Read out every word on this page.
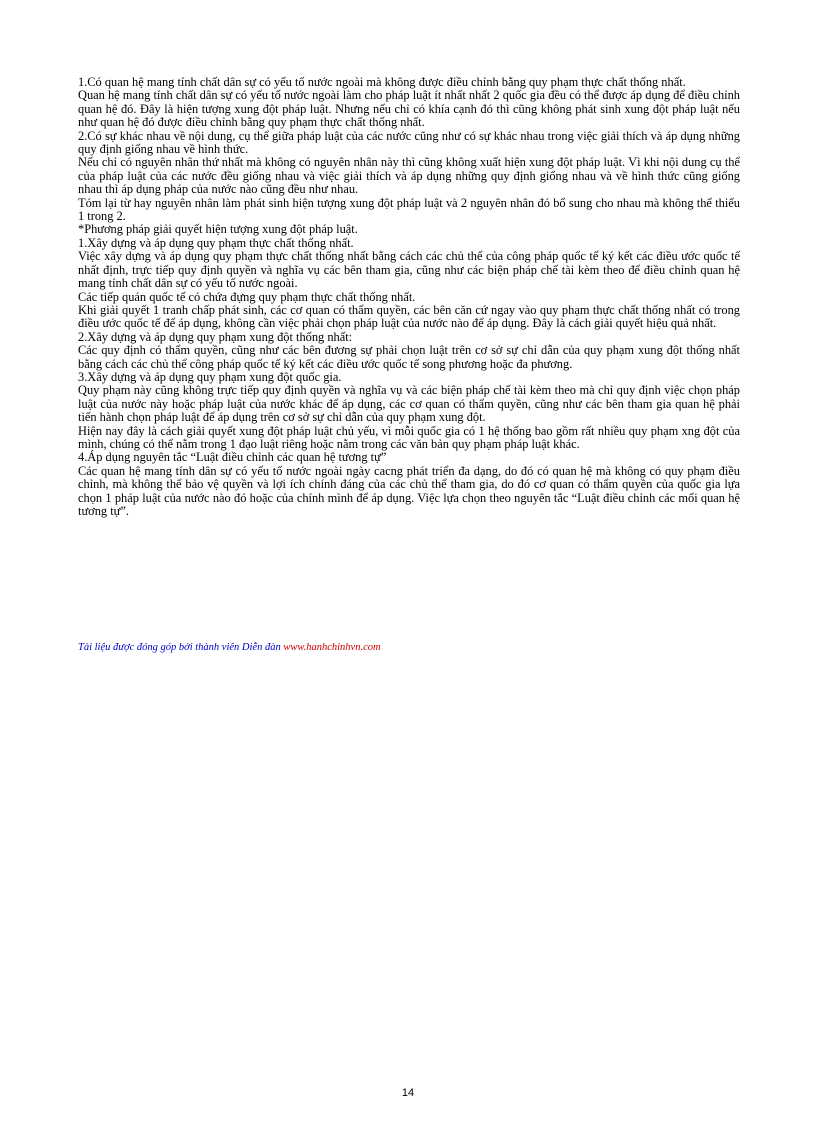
1.Có quan hệ mang tính chất dân sự có yếu tố nước ngoài mà không được điều chỉnh bằng quy phạm thực chất thống nhất.

Quan hệ mang tính chất dân sự có yếu tố nước ngoài làm cho pháp luật ít nhất nhất 2 quốc gia đều có thể được áp dụng để điều chỉnh quan hệ đó. Đây là hiện tượng xung đột pháp luật. Nhưng nếu chỉ có khía cạnh đó thì cũng không phát sinh xung đột pháp luật nếu như quan hệ đó được điều chỉnh bằng quy phạm thực chất thống nhất.

2.Có sự khác nhau về nội dung, cụ thể giữa pháp luật của các nước cũng như có sự khác nhau trong việc giải thích và áp dụng những quy định giống nhau về hình thức.

Nếu chỉ có nguyên nhân thứ nhất mà không có nguyên nhân này thì cũng không xuất hiện xung đột pháp luật. Vì khi nội dung cụ thể của pháp luật của các nước đều giống nhau và việc giải thích và áp dụng những quy định giống nhau và về hình thức cũng giống nhau thì áp dụng pháp của nước nào cũng đều như nhau.

Tóm lại từ hay nguyên nhân làm phát sinh hiện tượng xung đột pháp luật và 2 nguyên nhân đó bổ sung cho nhau mà không thể thiếu 1 trong 2.

*Phương pháp giải quyết hiện tượng xung đột pháp luật.

1.Xây dựng và áp dụng quy phạm thực chất thống nhất.

Việc xây dựng và áp dụng quy phạm thực chất thống nhất bằng cách các chủ thể của công pháp quốc tế ký kết các điều ước quốc tế nhất định, trực tiếp quy định quyền và nghĩa vụ các bên tham gia, cũng như các biện pháp chế tài kèm theo để điều chỉnh quan hệ mang tính chất dân sự có yếu tố nước ngoài.

Các tiếp quán quốc tế có chứa đựng quy phạm thực chất thống nhất.

Khi giải quyết 1 tranh chấp phát sinh, các cơ quan có thẩm quyền, các bên căn cứ ngay vào quy phạm thực chất thống nhất có trong điều ước quốc tế để áp dụng, không cần việc phải chọn pháp luật của nước nào để áp dụng. Đây là cách giải quyết hiệu quả nhất.

2.Xây dựng và áp dụng quy phạm xung đột thống nhất:

Các quy định có thẩm quyền, cũng như các bên đương sự phải chọn luật trên cơ sở sự chỉ dẫn của quy phạm xung đột thống nhất bằng cách các chủ thể công pháp quốc tế ký kết các điều ước quốc tế song phương hoặc đa phương.

3.Xây dựng và áp dụng quy phạm xung đột quốc gia.

Quy phạm này cũng không trực tiếp quy định quyền và nghĩa vụ và các biện pháp chế tài kèm theo mà chỉ quy định việc chọn pháp luật của nước này hoặc pháp luật của nước khác để áp dụng, các cơ quan có thẩm quyền, cũng như các bên tham gia quan hệ phải tiến hành chọn pháp luật để áp dụng trên cơ sở sự chỉ dẫn của quy phạm xung đột.

Hiện nay đây là cách giải quyết xung đột pháp luật chủ yếu, vì mỗi quốc gia có 1 hệ thống bao gồm rất nhiều quy phạm xng đột của mình, chúng có thể nằm trong 1 đạo luật riêng hoặc nằm trong các văn bản quy phạm pháp luật khác.

4.Áp dụng nguyên tắc “Luật điều chỉnh các quan hệ tương tự”

Các quan hệ mang tính dân sự có yếu tố nước ngoài ngày cacng phát triển đa dạng, do đó có quan hệ mà không có quy phạm điều chỉnh, mà không thể bảo vệ quyền và lợi ích chính đáng của các chủ thể tham gia, do đó cơ quan có thẩm quyền của quốc gia lựa chọn 1 pháp luật của nước nào đó hoặc của chính mình để áp dụng. Việc lựa chọn theo nguyên tắc “Luật điều chỉnh các mối quan hệ tương tự”.

Tài liệu được đóng góp bởi thành viên Diễn đàn www.hanhchinhvn.com
14
